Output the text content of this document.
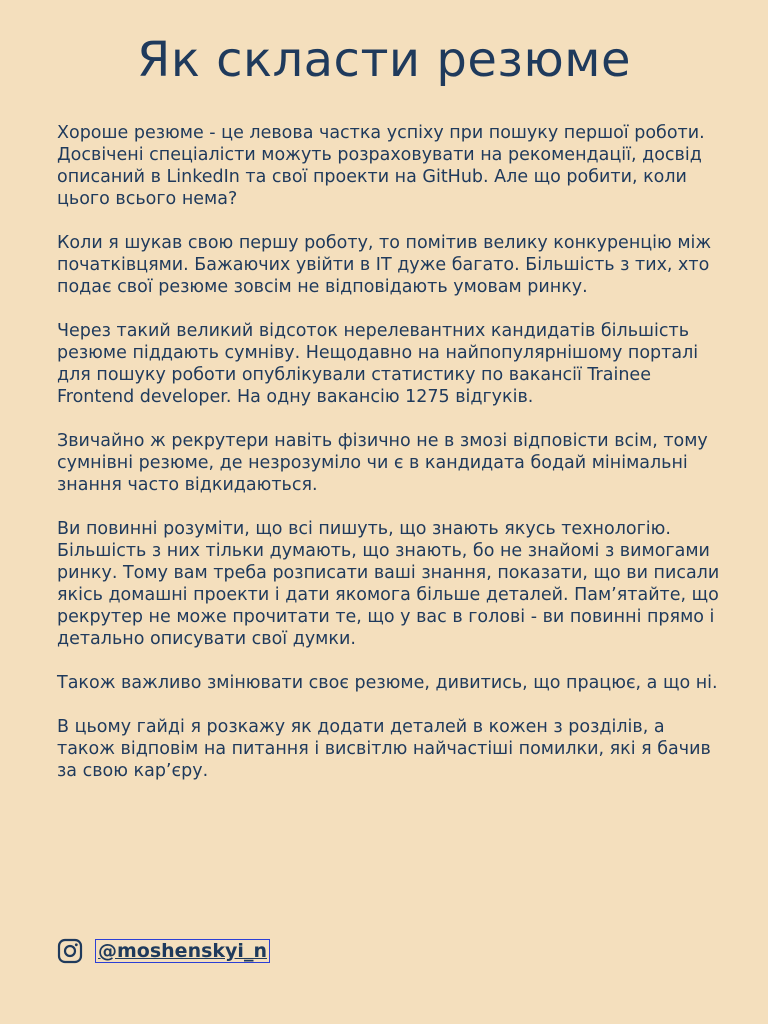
Як скласти резюме

Хороше резюме - це левова частка успіху при пошуку першої роботи. Досвічені спеціалісти можуть розраховувати на рекомендації, досвід описаний в LinkedIn та свої проекти на GitHub. Але що робити, коли цього всього нема?

Коли я шукав свою першу роботу, то помітив велику конкуренцію між початківцями. Бажаючих увійти в IT дуже багато. Більшість з тих, хто подає свої резюме зовсім не відповідають умовам ринку.

Через такий великий відсоток нерелевантних кандидатів більшість резюме піддають сумніву. Нещодавно на найпопулярнішому порталі для пошуку роботи опублікували статистику по вакансії Trainee Frontend developer. На одну вакансію 1275 відгуків.

Звичайно ж рекрутери навіть фізично не в змозі відповісти всім, тому сумнівні резюме, де незрозуміло чи є в кандидата бодай мінімальні знання часто відкидаються.

Ви повинні розуміти, що всі пишуть, що знають якусь технологію. Більшість з них тільки думають, що знають, бо не знайомі з вимогами ринку. Тому вам треба розписати ваші знання, показати, що ви писали якісь домашні проекти і дати якомога більше деталей. Пам’ятайте, що рекрутер не може прочитати те, що у вас в голові - ви повинні прямо і детально описувати свої думки.

Також важливо змінювати своє резюме, дивитись, що працює, а що ні.

В цьому гайді я розкажу як додати деталей в кожен з розділів, а також відповім на питання і висвітлю найчастіші помилки, які я бачив за свою кар’єру.

@moshenskyi_n
